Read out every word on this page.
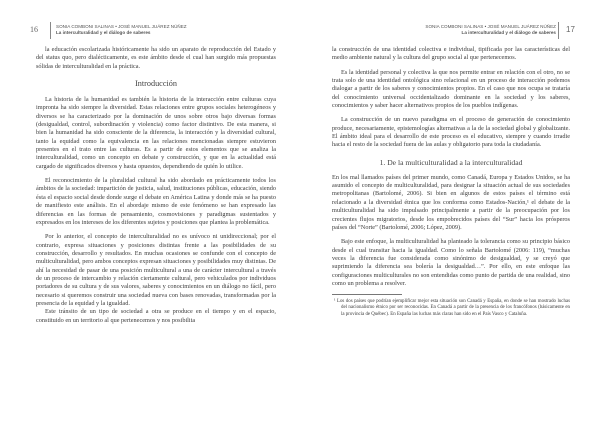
16	SONIA COMBONI SALINAS • JOSÉ MANUEL JUÁREZ NÚÑEZ
La interculturalidad y el diálogo de saberes

la educación escolarizada históricamente ha sido un aparato de reproducción del Estado y del status quo, pero dialécticamente, es este ámbito desde el cual han surgido más propuestas sólidas de interculturalidad en la práctica.

Introducción

La historia de la humanidad es también la historia de la interacción entre culturas cuya impronta ha sido siempre la diversidad. Estas relaciones entre grupos sociales heterogéneos y diversos se ha caracterizado por la dominación de unos sobre otros bajo diversas formas (desigualdad, control, subordinación y violencia) como factor distintivo. De esta manera, si bien la humanidad ha sido consciente de la diferencia, la interacción y la diversidad cultural, tanto la equidad como la equivalencia en las relaciones mencionadas siempre estuvieron presentes en el trato entre las culturas. Es a partir de estos elementos que se analiza la interculturalidad, como un concepto en debate y construcción, y que en la actualidad está cargado de significados diversos y hasta opuestos, dependiendo de quién lo utilice.

El reconocimiento de la pluralidad cultural ha sido abordado en prácticamente todos los ámbitos de la sociedad: impartición de justicia, salud, instituciones públicas, educación, siendo ésta el espacio social desde donde surge el debate en América Latina y donde más se ha puesto de manifiesto este análisis. En el abordaje mismo de este fenómeno se han expresado las diferencias en las formas de pensamiento, cosmovisiones y paradigmas sustentados y expresados en los intereses de los diferentes sujetos y posiciones que plantea la problemática.

Por lo anterior, el concepto de interculturalidad no es unívoco ni unidireccional; por el contrario, expresa situaciones y posiciones distintas frente a las posibilidades de su construcción, desarrollo y resultados. En muchas ocasiones se confunde con el concepto de multiculturalidad, pero ambos conceptos expresan situaciones y posibilidades muy distintas. De ahí la necesidad de pasar de una posición multicultural a una de carácter intercultural a través de un proceso de intercambio y relación ciertamente cultural, pero vehiculados por individuos portadores de su cultura y de sus valores, saberes y conocimientos en un diálogo no fácil, pero necesario si queremos construir una sociedad nueva con bases renovadas, transformadas por la presencia de la equidad y la igualdad.

Este tránsito de un tipo de sociedad a otra se produce en el tiempo y en el espacio, constituido en un territorio al que pertenecemos y nos posibilita

SONIA COMBONI SALINAS • JOSÉ MANUEL JUÁREZ NÚÑEZ
La interculturalidad y el diálogo de saberes 17

la construcción de una identidad colectiva e individual, tipificada por las características del medio ambiente natural y la cultura del grupo social al que pertenecemos.

Es la identidad personal y colectiva la que nos permite entrar en relación con el otro, no se trata solo de una identidad ontológica sino relacional en un proceso de interacción podemos dialogar a partir de los saberes y conocimientos propios. En el caso que nos ocupa se trataría del conocimiento universal occidentalizado dominante en la sociedad y los saberes, conocimientos y saber hacer alternativos propios de los pueblos indígenas.

La construcción de un nuevo paradigma en el proceso de generación de conocimiento produce, necesariamente, epistemologías alternativas a la de la sociedad global y globalizante. El ámbito ideal para el desarrollo de este proceso es el educativo, siempre y cuando irradie hacia el resto de la sociedad fuera de las aulas y obligatorio para toda la ciudadanía.

1. De la multiculturalidad a la interculturalidad

En los mal llamados países del primer mundo, como Canadá, Europa y Estados Unidos, se ha asumido el concepto de multiculturalidad, para designar la situación actual de sus sociedades metropolitanas (Bartolomé, 2006). Si bien en algunos de estos países el término está relacionado a la diversidad étnica que los conforma como Estados-Nación,¹ el debate de la multiculturalidad ha sido impulsado principalmente a partir de la preocupación por los crecientes flujos migratorios, desde los empobrecidos países del “Sur” hacia los prósperos países del “Norte” (Bartolomé, 2006; López, 2009).

Bajo este enfoque, la multiculturalidad ha planteado la tolerancia como su principio básico desde el cual transitar hacia la igualdad. Como lo señala Bartolomé (2006: 119), “muchas veces la diferencia fue considerada como sinónimo de desigualdad, y se creyó que suprimiendo la diferencia sea bolería la desigualdad…”. Por ello, en este enfoque las configuraciones multiculturales no son entendidas como punto de partida de una realidad, sino como un problema a resolver.

¹ Los dos países que podrían ejemplificar mejor esta situación son Canadá y España, en donde se han mostrado luchas del nacionalismo étnico por ser reconocidas. En Canadá a partir de la presencia de los francófonos (básicamente en la provincia de Québec). En España las luchas más claras han sido en el País Vasco y Cataluña.
